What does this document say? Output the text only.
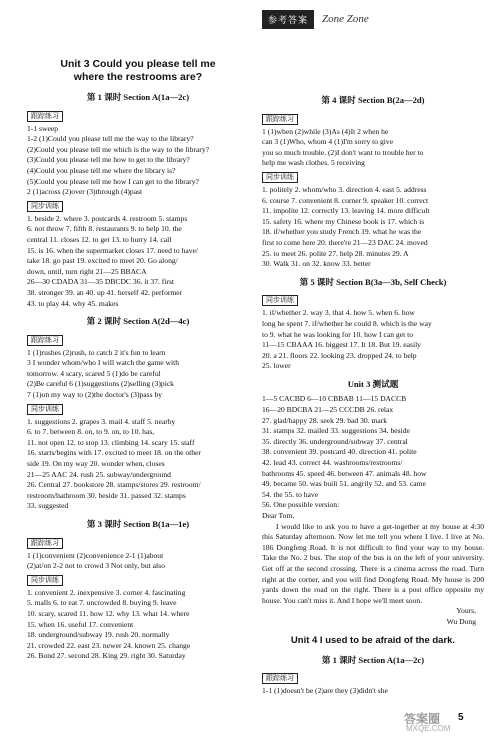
参考答案	Zone Zone
Unit 3 Could you please tell me
where the restrooms are?
第 1 课时 Section A(1a—2c)
跟踪练习
1-1 sweep
1-2 (1)Could you please tell me the way to the library?
(2)Could you please tell me which is the way to the library?
(3)Could you please tell me how to get to the library?
(4)Could you please tell me where the library is?
(5)Could you please tell me how I can get to the library?
2 (1)across (2)over (3)through (4)past
同步训练
1. beside 2. where 3. postcards 4. restroom 5. stamps
6. not throw 7. fifth 8. restaurants 9. to help 10. the
central 11. closes 12. to get 13. to hurry 14. call
15. is 16. when the supermarket closes 17. need to have/
take 18. go past 19. excited to meet 20. Go along/
down, until, turn right 21—25 BBACA
26—30 CDADA 31—35 DBCDC 36. it 37. first
38. stronger 39. an 40. up 41. herself 42. performer
43. to play 44. why 45. makes
第 2 课时 Section A(2d—4c)
跟踪练习
1 (1)rushes (2)rush, to catch 2 it's fun to learn
3 I wonder whom/who I will watch the game with
tomorrow. 4 scary, scared 5 (1)do be careful
(2)Be careful 6 (1)suggestions (2)selling (3)pick
7 (1)on my way to (2)the doctor's (3)pass by
同步训练
1. suggestions 2. grapes 3. mail 4. staff 5. nearby
6. to 7. between 8. on, to 9. on, to 10. has,
11. not open 12. to stop 13. climbing 14. scary 15. staff
16. starts/begins with 17. excited to meet 18. on the other
side 19. On my way 20. wonder when, closes
21—25 AAC 24. rush 25. subway/underground
26. Central 27. bookstore 28. stamps/stores 29. restroom/
restroom/bathroom 30. beside 31. passed 32. stamps
33. suggested
第 3 课时 Section B(1a—1e)
跟踪练习
1 (1)convenient (2)convenience 2-1 (1)about
(2)at/on 2-2 not to crowd 3 Not only, but also
同步训练
1. convenient 2. inexpensive 3. corner 4. fascinating
5. malls 6. to eat 7. uncrowded 8. buying 9. leave
10. scary, scared 11. how 12. why 13. what 14. where
15. when 16. useful 17. convenient
18. underground/subway 19. rush 20. normally
21. crowded 22. east 23. newer 24. known 25. change
26. Bond 27. second 28. King 29. right 30. Saturday
第 4 课时 Section B(2a—2d)
跟踪练习
1 (1)when (2)while (3)As (4)It 2 when he
can 3 (1)Who, whom 4 (1)I'm sorry to give
you so much trouble. (2)I don't want to trouble her to
help me wash clothes. 5 receiving
同步训练
1. politely 2. whom/who 3. direction 4. east 5. address
6. course 7. convenient 8. corner 9. speaker 10. correct
11. impolite 12. correctly 13. leaving 14. more difficult
15. safety 16. where my Chinese book is 17. which is
18. if/whether you study French 19. what he was the
first to come here 20. there're 21—23 DAC 24. moved
25. to meet 26. polite 27. help 28. minutes 29. A
30. Walk 31. on 32. know 33. better
第 5 课时 Section B(3a—3b, Self Check)
同步训练
1. if/whether 2. way 3. that 4. how 5. when 6. how
long he spent 7. if/whether he could 8. which is the way
to 9. what he was looking for 10. how I can get to
11—15 CBAAA 16. biggest 17. It 18. But 19. easily
20. a 21. floors 22. looking 23. dropped 24. to help
25. lower
Unit 3 测试题
1—5 CACBD 6—10 CBBAB 11—15 DACCB
16—20 BDCBA 21—25 CCCDB 26. relax
27. glad/happy 28. seek 29. bad 30. mark
31. stamps 32. mailed 33. suggestions 34. beside
35. directly 36. underground/subway 37. central
38. convenient 39. postcard 40. direction 41. polite
42. lead 43. correct 44. washrooms/restrooms/
bathrooms 45. speed 46. between 47. animals 48. how
49. became 50. was built 51. angrily 52. and 53. came
54. the 55. to have
56. One possible version:

Dear Tom,

I would like to ask you to have a get-together at my house at 4:30 this Saturday afternoon. Now let me tell you where I live. I live at No. 186 Dongfeng Road. It is not difficult to find your way to my house. Take the No. 2 bus. The stop of the bus is on the left of your university. Get off at the second crossing. There is a cinema across the road. Turn right at the corner, and you will find Dongfeng Road. My house is 200 yards down the road on the right. There is a post office opposite my house. You can't miss it. And I hope we'll meet soon.

Yours,

Wu Dong

Unit 4 I used to be afraid of the dark.
第 1 课时 Section A(1a—2c)
跟踪练习
1-1 (1)doesn't be (2)are they (3)didn't she
答案圈
MXQE.COM
5
